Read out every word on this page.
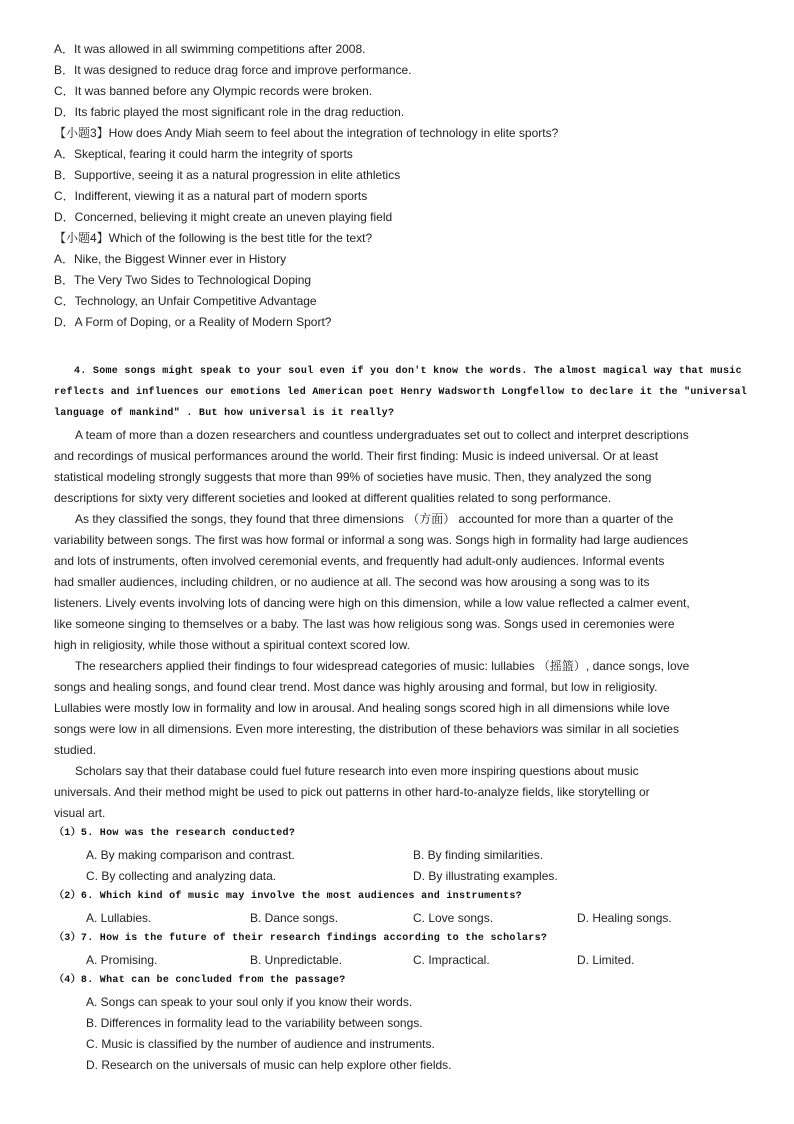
A．It was allowed in all swimming competitions after 2008.
B．It was designed to reduce drag force and improve performance.
C．It was banned before any Olympic records were broken.
D．Its fabric played the most significant role in the drag reduction.
【小题3】How does Andy Miah seem to feel about the integration of technology in elite sports?
A．Skeptical, fearing it could harm the integrity of sports
B．Supportive, seeing it as a natural progression in elite athletics
C．Indifferent, viewing it as a natural part of modern sports
D．Concerned, believing it might create an uneven playing field
【小题4】Which of the following is the best title for the text?
A．Nike, the Biggest Winner ever in History
B．The Very Two Sides to Technological Doping
C．Technology, an Unfair Competitive Advantage
D．A Form of Doping, or a Reality of Modern Sport?
4. Some songs might speak to your soul even if you don't know the words. The almost magical way that music
reflects and influences our emotions led American poet Henry Wadsworth Longfellow to declare it the "universal
language of mankind" . But how universal is it really?
A team of more than a dozen researchers and countless undergraduates set out to collect and interpret descriptions
and recordings of musical performances around the world. Their first finding: Music is indeed universal. Or at least
statistical modeling strongly suggests that more than 99% of societies have music. Then, they analyzed the song
descriptions for sixty very different societies and looked at different qualities related to song performance.
As they classified the songs, they found that three dimensions （方面） accounted for more than a quarter of the
variability between songs. The first was how formal or informal a song was. Songs high in formality had large audiences
and lots of instruments, often involved ceremonial events, and frequently had adult-only audiences. Informal events
had smaller audiences, including children, or no audience at all. The second was how arousing a song was to its
listeners. Lively events involving lots of dancing were high on this dimension, while a low value reflected a calmer event,
like someone singing to themselves or a baby. The last was how religious song was. Songs used in ceremonies were
high in religiosity, while those without a spiritual context scored low.
The researchers applied their findings to four widespread categories of music: lullabies （摇篮）, dance songs, love
songs and healing songs, and found clear trend. Most dance was highly arousing and formal, but low in religiosity.
Lullabies were mostly low in formality and low in arousal. And healing songs scored high in all dimensions while love
songs were low in all dimensions. Even more interesting, the distribution of these behaviors was similar in all societies
studied.
Scholars say that their database could fuel future research into even more inspiring questions about music
universals. And their method might be used to pick out patterns in other hard-to-analyze fields, like storytelling or
visual art.
（1）5. How was the research conducted?
A. By making comparison and contrast.	B. By finding similarities.
C. By collecting and analyzing data.	D. By illustrating examples.
（2）6. Which kind of music may involve the most audiences and instruments?
A. Lullabies.	B. Dance songs.	C. Love songs.	D. Healing songs.
（3）7. How is the future of their research findings according to the scholars?
A. Promising.	B. Unpredictable.	C. Impractical.	D. Limited.
（4）8. What can be concluded from the passage?
A. Songs can speak to your soul only if you know their words.
B. Differences in formality lead to the variability between songs.
C. Music is classified by the number of audience and instruments.
D. Research on the universals of music can help explore other fields.
